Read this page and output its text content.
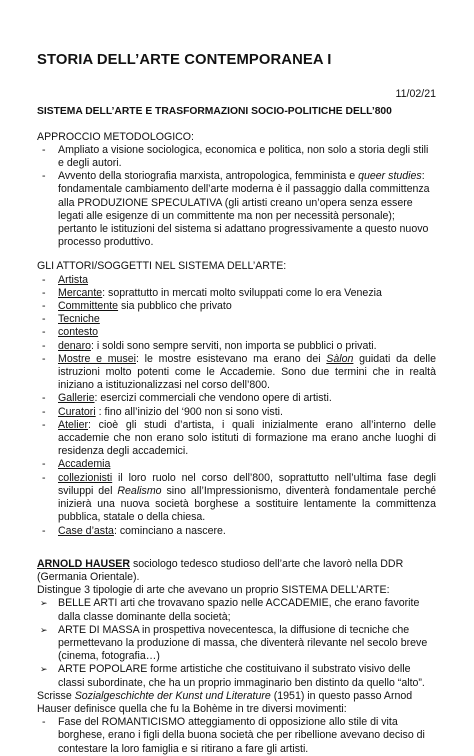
STORIA DELL’ARTE CONTEMPORANEA I

11/02/21

SISTEMA DELL’ARTE E TRASFORMAZIONI SOCIO-POLITICHE DELL’800

APPROCCIO METODOLOGICO:

- Ampliato a visione sociologica, economica e politica, non solo a storia degli stili e degli autori.
- Avvento della storiografia marxista, antropologica, femminista e queer studies: fondamentale cambiamento dell’arte moderna è il passaggio dalla committenza alla PRODUZIONE SPECULATIVA (gli artisti creano un’opera senza essere legati alle esigenze di un committente ma non per necessità personale); pertanto le istituzioni del sistema si adattano progressivamente a questo nuovo processo produttivo.

GLI ATTORI/SOGGETTI NEL SISTEMA DELL’ARTE:

- Artista
- Mercante: soprattutto in mercati molto sviluppati come lo era Venezia
- Committente sia pubblico che privato
- Tecniche
- contesto
- denaro: i soldi sono sempre serviti, non importa se pubblici o privati.
- Mostre e musei: le mostre esistevano ma erano dei Sàlon guidati da delle istruzioni molto potenti come le Accademie. Sono due termini che in realtà iniziano a istituzionalizzasi nel corso dell’800.
- Gallerie: esercizi commerciali che vendono opere di artisti.
- Curatori : fino all’inizio del ‘900 non si sono visti.
- Atelier: cioè gli studi d’artista, i quali inizialmente erano all’interno delle accademie che non erano solo istituti di formazione ma erano anche luoghi di residenza degli accademici.
- Accademia
- collezionisti il loro ruolo nel corso dell’800, soprattutto nell’ultima fase degli sviluppi del Realismo sino all’Impressionismo, diventerà fondamentale perché inizierà una nuova società borghese a sostituire lentamente la committenza pubblica, statale o della chiesa.
- Case d’asta: cominciano a nascere.

ARNOLD HAUSER sociologo tedesco studioso dell’arte che lavorò nella DDR (Germania Orientale).

Distingue 3 tipologie di arte che avevano un proprio SISTEMA DELL’ARTE:

➢ BELLE ARTI arti che trovavano spazio nelle ACCADEMIE, che erano favorite dalla classe dominante della società;
➢ ARTE DI MASSA in prospettiva novecentesca, la diffusione di tecniche che permettevano la produzione di massa, che diventerà rilevante nel secolo breve (cinema, fotografia…)
➢ ARTE POPOLARE forme artistiche che costituivano il substrato visivo delle classi subordinate, che ha un proprio immaginario ben distinto da quello “alto”.

Scrisse Sozialgeschichte der Kunst und Literature (1951) in questo passo Arnod Hauser definisce quella che fu la Bohème in tre diversi movimenti:

- Fase del ROMANTICISMO atteggiamento di opposizione allo stile di vita borghese, erano i figli della buona società che per ribellione avevano deciso di contestare la loro famiglia e si ritirano a fare gli artisti.
